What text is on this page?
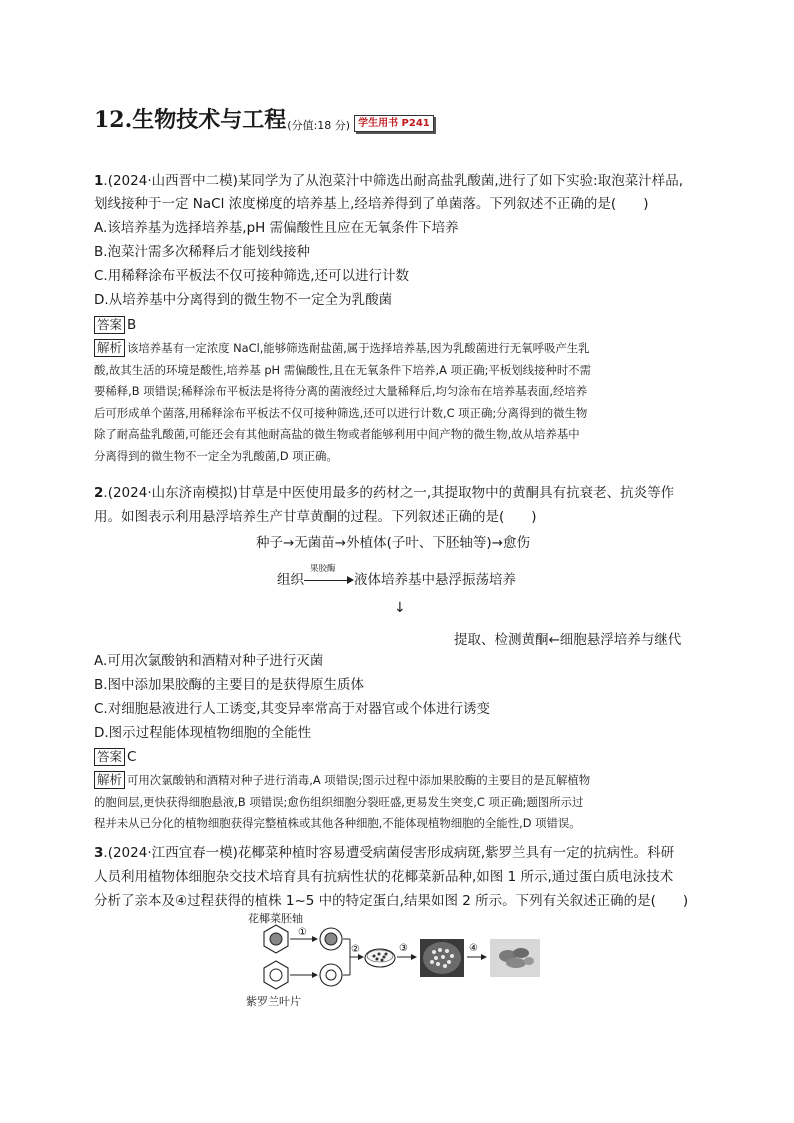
12.生物技术与工程 (分值:18 分) 学生用书 P241
1.(2024·山西晋中二模)某同学为了从泡菜汁中筛选出耐高盐乳酸菌,进行了如下实验:取泡菜汁样品,
划线接种于一定 NaCl 浓度梯度的培养基上,经培养得到了单菌落。下列叙述不正确的是(　　)
A.该培养基为选择培养基,pH 需偏酸性且应在无氧条件下培养
B.泡菜汁需多次稀释后才能划线接种
C.用稀释涂布平板法不仅可接种筛选,还可以进行计数
D.从培养基中分离得到的微生物不一定全为乳酸菌
答案 B

解析 该培养基有一定浓度 NaCl,能够筛选耐盐菌,属于选择培养基,因为乳酸菌进行无氧呼吸产生乳

酸,故其生活的环境是酸性,培养基 pH 需偏酸性,且在无氧条件下培养,A 项正确;平板划线接种时不需

要稀释,B 项错误;稀释涂布平板法是将待分离的菌液经过大量稀释后,均匀涂布在培养基表面,经培养

后可形成单个菌落,用稀释涂布平板法不仅可接种筛选,还可以进行计数,C 项正确;分离得到的微生物

除了耐高盐乳酸菌,可能还会有其他耐高盐的微生物或者能够利用中间产物的微生物,故从培养基中

分离得到的微生物不一定全为乳酸菌,D 项正确。

2.(2024·山东济南模拟)甘草是中医使用最多的药材之一,其提取物中的黄酮具有抗衰老、抗炎等作
用。如图表示利用悬浮培养生产甘草黄酮的过程。下列叙述正确的是(　　)
种子→无菌苗→外植体(子叶、下胚轴等)→愈伤
组织
果胶酶
液体培养基中悬浮振荡培养
↓
提取、检测黄酮←细胞悬浮培养与继代
A.可用次氯酸钠和酒精对种子进行灭菌
B.图中添加果胶酶的主要目的是获得原生质体
C.对细胞悬液进行人工诱变,其变异率常高于对器官或个体进行诱变
D.图示过程能体现植物细胞的全能性
答案 C

解析 可用次氯酸钠和酒精对种子进行消毒,A 项错误;图示过程中添加果胶酶的主要目的是瓦解植物

的胞间层,更快获得细胞悬液,B 项错误;愈伤组织细胞分裂旺盛,更易发生突变,C 项正确;题图所示过

程并未从已分化的植物细胞获得完整植株或其他各种细胞,不能体现植物细胞的全能性,D 项错误。

3.(2024·江西宜春一模)花椰菜种植时容易遭受病菌侵害形成病斑,紫罗兰具有一定的抗病性。科研
人员利用植物体细胞杂交技术培育具有抗病性状的花椰菜新品种,如图 1 所示,通过蛋白质电泳技术
分析了亲本及④过程获得的植株 1~5 中的特定蛋白,结果如图 2 所示。下列有关叙述正确的是(　　)
花椰菜胚轴
紫罗兰叶片
①
②	③	④
